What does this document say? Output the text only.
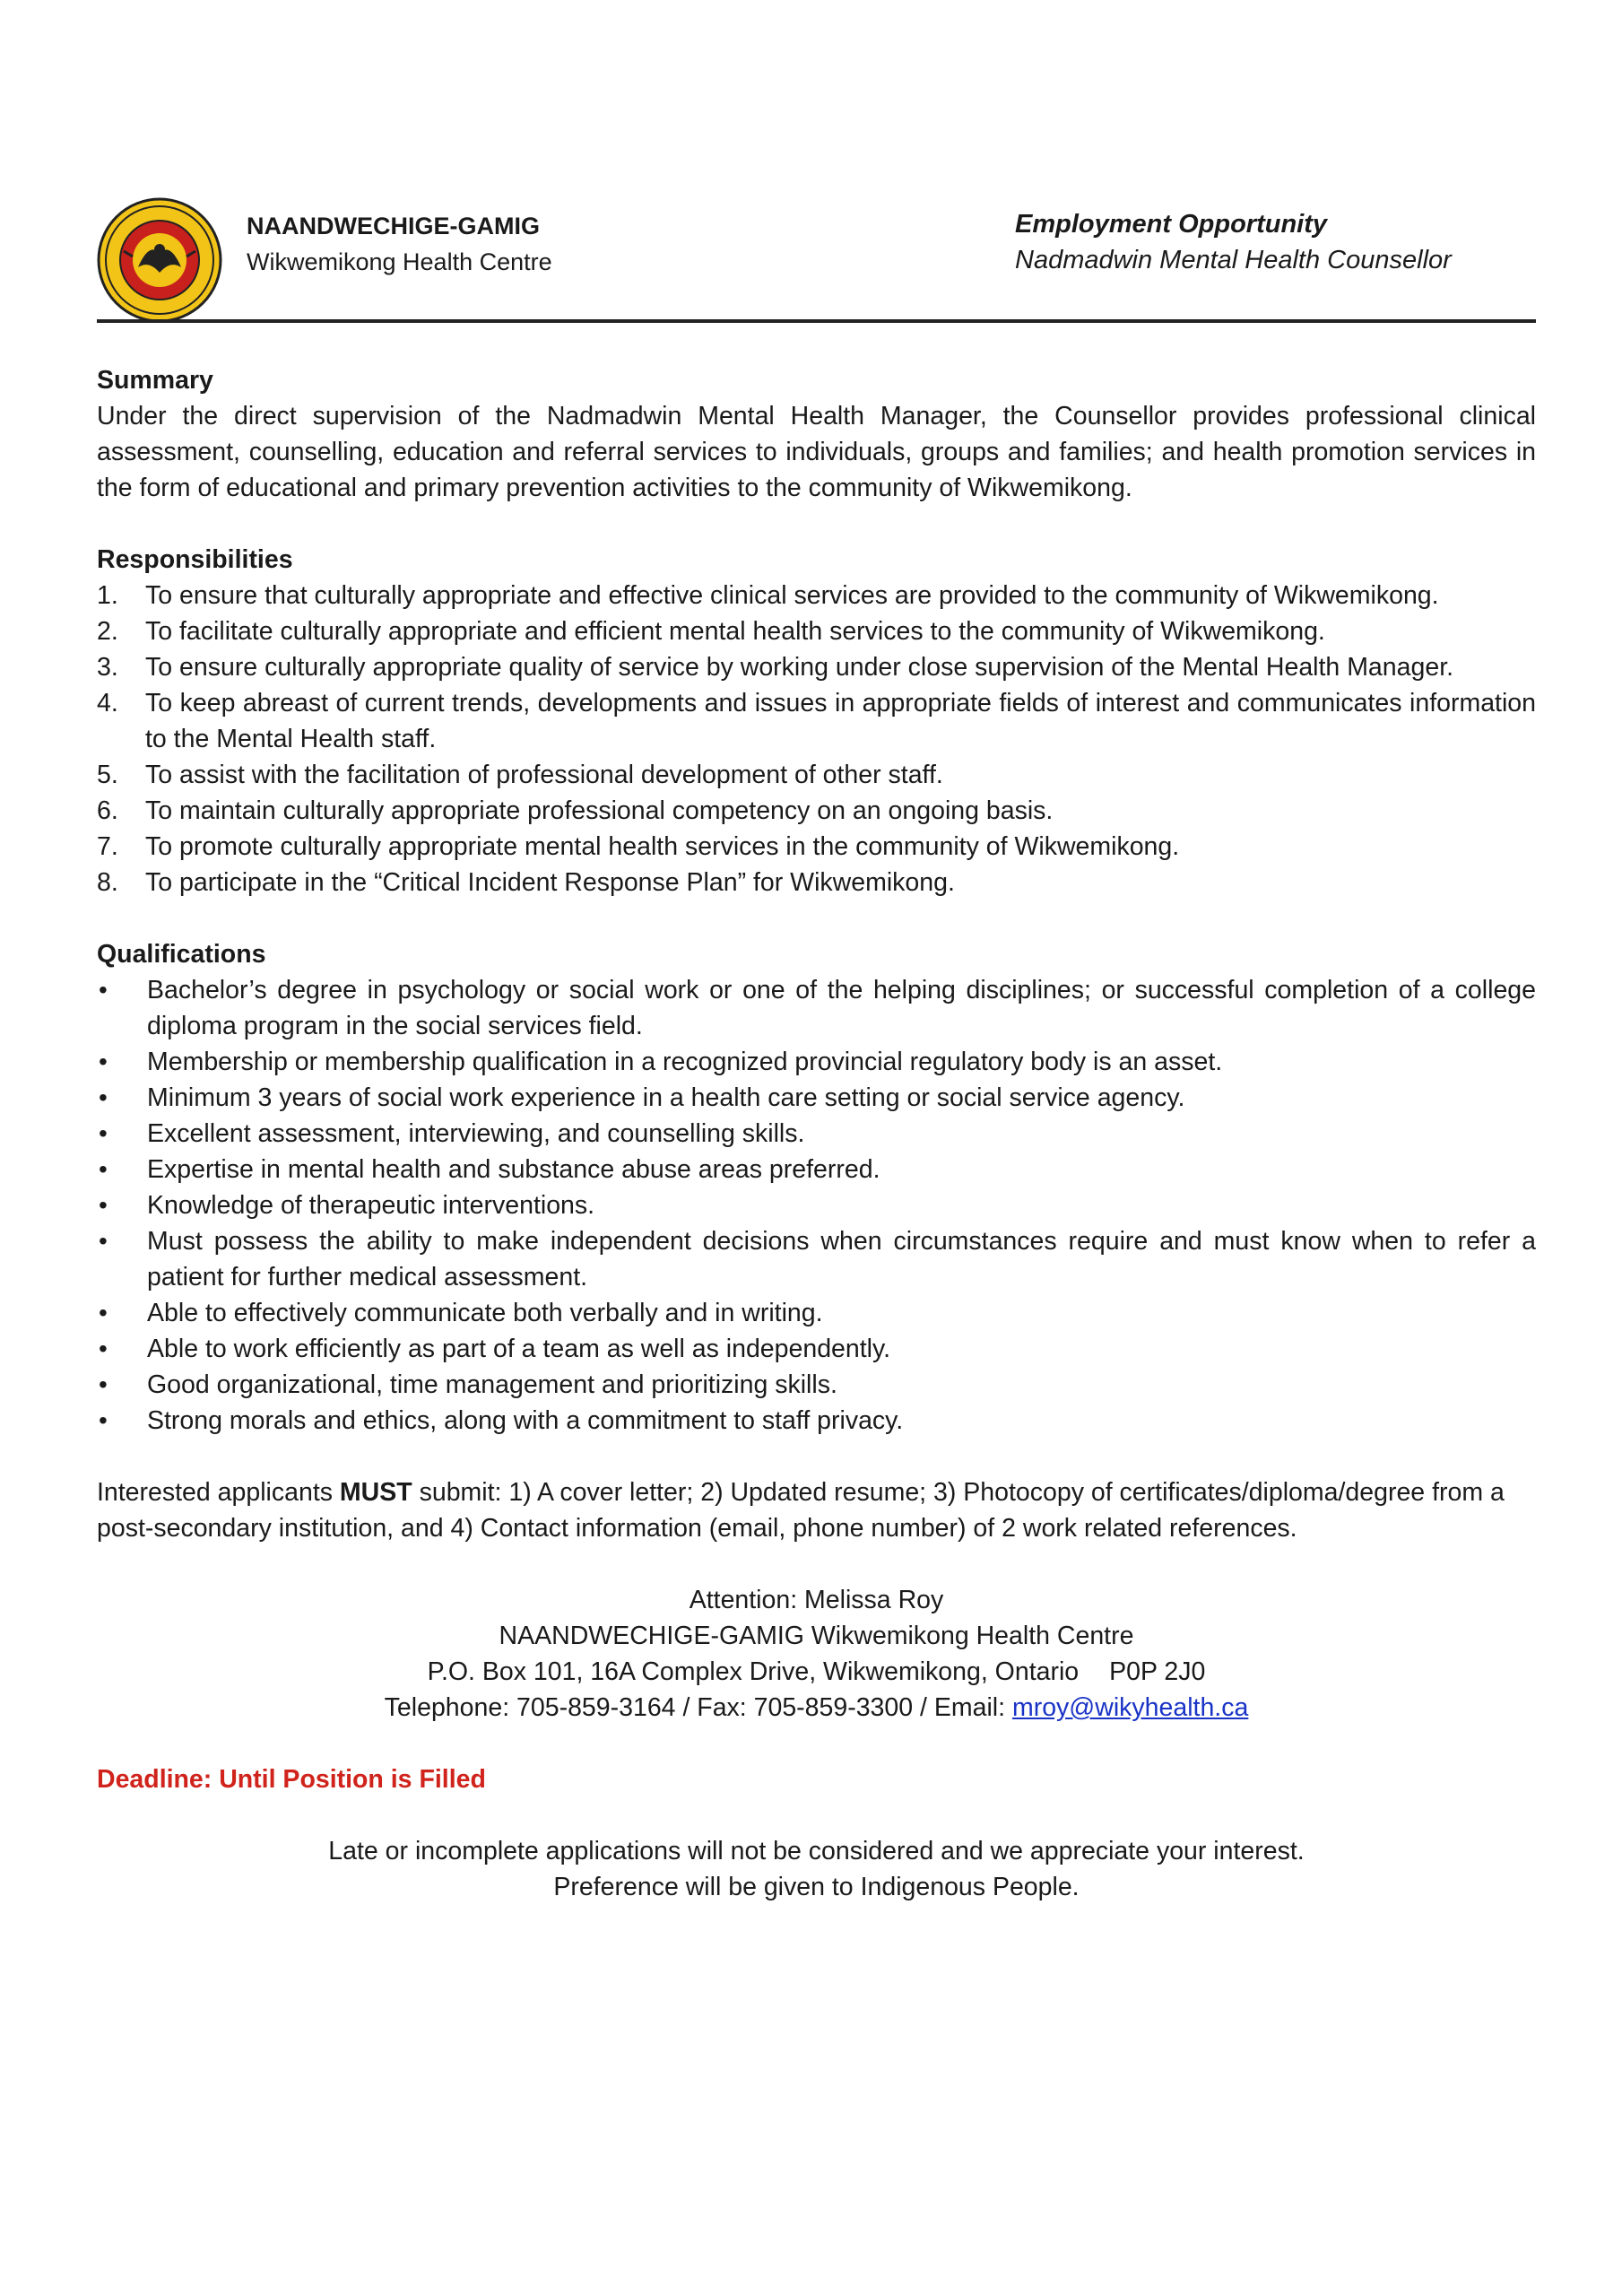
NAANDWECHIGE-GAMIG
Wikwemikong Health Centre
Employment Opportunity
Nadmadwin Mental Health Counsellor
Summary

Under the direct supervision of the Nadmadwin Mental Health Manager, the Counsellor provides professional clinical assessment, counselling, education and referral services to individuals, groups and families; and health promotion services in the form of educational and primary prevention activities to the community of Wikwemikong.

Responsibilities
1.	To ensure that culturally appropriate and effective clinical services are provided to the community of Wikwemikong.
2.	To facilitate culturally appropriate and efficient mental health services to the community of Wikwemikong.
3.	To ensure culturally appropriate quality of service by working under close supervision of the Mental Health Manager.
4.	To keep abreast of current trends, developments and issues in appropriate fields of interest and communicates information to the Mental Health staff.
5.	To assist with the facilitation of professional development of other staff.
6.	To maintain culturally appropriate professional competency on an ongoing basis.
7.	To promote culturally appropriate mental health services in the community of Wikwemikong.
8.	To participate in the “Critical Incident Response Plan” for Wikwemikong.
Qualifications
•	Bachelor’s degree in psychology or social work or one of the helping disciplines; or successful completion of a college diploma program in the social services field.
•	Membership or membership qualification in a recognized provincial regulatory body is an asset.
•	Minimum 3 years of social work experience in a health care setting or social service agency.
•	Excellent assessment, interviewing, and counselling skills.
•	Expertise in mental health and substance abuse areas preferred.
•	Knowledge of therapeutic interventions.
•	Must possess the ability to make independent decisions when circumstances require and must know when to refer a patient for further medical assessment.
•	Able to effectively communicate both verbally and in writing.
•	Able to work efficiently as part of a team as well as independently.
•	Good organizational, time management and prioritizing skills.
•	Strong morals and ethics, along with a commitment to staff privacy.

Interested applicants MUST submit: 1) A cover letter; 2) Updated resume; 3) Photocopy of certificates/diploma/degree from a post-secondary institution, and 4) Contact information (email, phone number) of 2 work related references.

Attention: Melissa Roy
NAANDWECHIGE-GAMIG Wikwemikong Health Centre
P.O. Box 101, 16A Complex Drive, Wikwemikong, Ontario P0P 2J0
Telephone: 705-859-3164 / Fax: 705-859-3300 / Email: mroy@wikyhealth.ca
Deadline: Until Position is Filled
Late or incomplete applications will not be considered and we appreciate your interest.
Preference will be given to Indigenous People.
